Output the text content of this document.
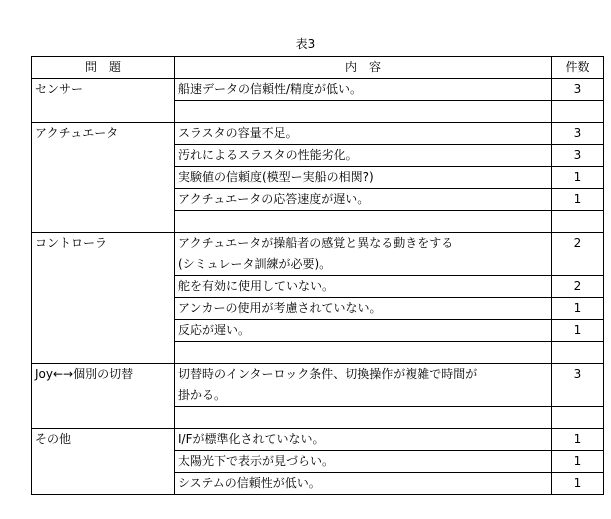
表3
問　題	内　容	件数
センサー	船速データの信頼性/精度が低い。	3

アクチュエータ	スラスタの容量不足。	3
	汚れによるスラスタの性能劣化。	3
	実験値の信頼度(模型ー実船の相関?)	1
	アクチュエータの応答速度が遅い。	1

コントローラ	アクチュエータが操船者の感覚と異なる動きをする
(シミュレータ訓練が必要)。	2
	舵を有効に使用していない。	2
	アンカーの使用が考慮されていない。	1
	反応が遅い。	1

Joy←→個別の切替	切替時のインターロック条件、切換操作が複雑で時間が
掛かる。	3

その他	I/Fが標準化されていない。	1
	太陽光下で表示が見づらい。	1
	システムの信頼性が低い。	1
